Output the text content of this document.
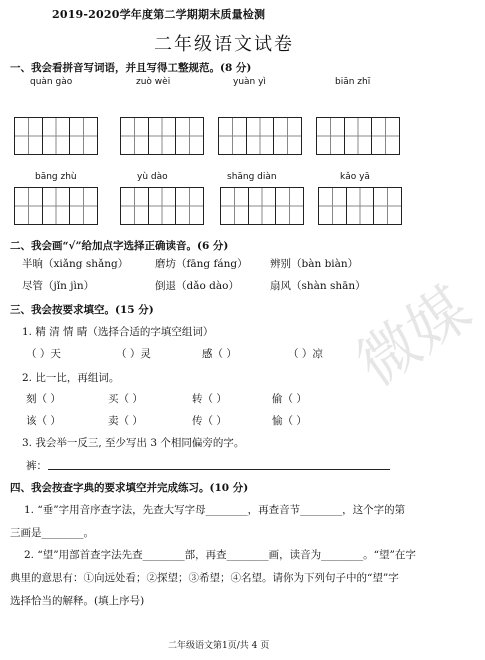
微媒
2019-2020学年度第二学期期末质量检测
二年级语文试卷
一、我会看拼音写词语，并且写得工整规范。(8 分)
quàn gào	zuò wèi	yuàn yì	biān zhī
bāng zhù	yù dào	shāng diàn	kǎo yā
二、我会画“√”给加点字选择正确读音。(6 分)
半晌（xiǎng shǎng）	磨坊（fāng fáng） 辨别（bàn biàn）
尽管（jǐn jìn）	倒退（dǎo dào）	扇风（shàn shān）
三、我会按要求填空。(15 分)
1. 精 清 情 睛（选择合适的字填空组词）
（ ）天	（ ）灵	感（ ）	（ ）凉
2. 比一比，再组词。
刻（ ）	买（ ）	转（ ）	偷（ ）
该（ ）	卖（ ）	传（ ）	愉（ ）
3. 我会举一反三, 至少写出 3 个相同偏旁的字。
裤：
四、我会按查字典的要求填空并完成练习。(10 分)
1. “垂”字用音序查字法，先查大写字母________，再查音节________，这个字的第
三画是________。
2. “望”用部首查字法先查________部，再查________画，读音为________。“望”在字
典里的意思有：①向远处看；②探望；③希望；④名望。请你为下列句子中的“望”字
选择恰当的解释。(填上序号)
二年级语文第1页/共 4 页
